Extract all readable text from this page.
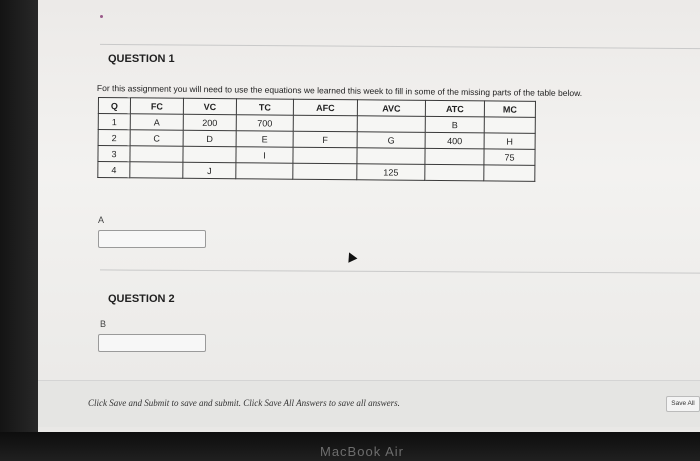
QUESTION 1
For this assignment you will need to use the equations we learned this week to fill in some of the missing parts of the table below.
Q	FC	VC	TC	AFC	AVC	ATC	MC
1	A	200	700			B	
2	C	D	E	F	G	400	H
3			I				75
4		J			125		
A
QUESTION 2
B
Click Save and Submit to save and submit. Click Save All Answers to save all answers.	Save All
MacBook Air
